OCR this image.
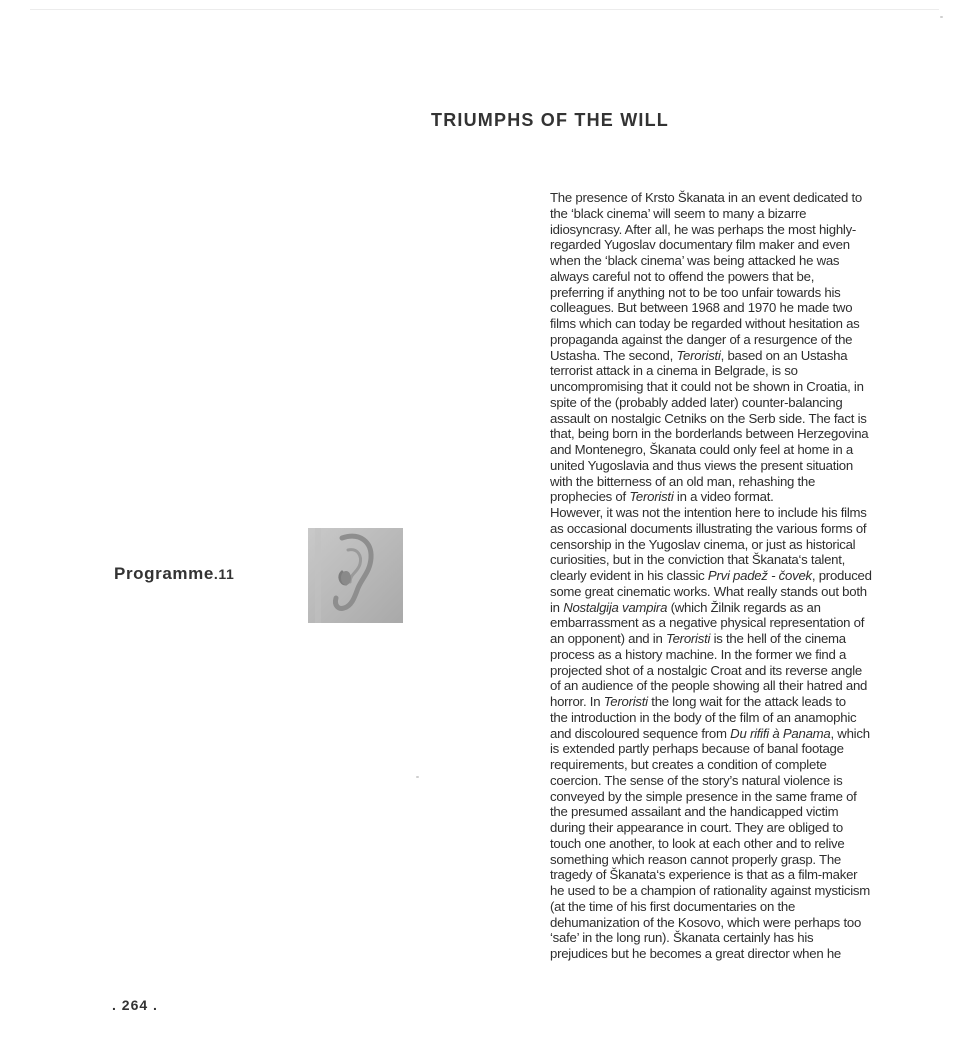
TRIUMPHS OF THE WILL
Programme.11
The presence of Krsto Škanata in an event dedicated to
the ‘black cinema’ will seem to many a bizarre
idiosyncrasy. After all, he was perhaps the most highly-
regarded Yugoslav documentary film maker and even
when the ‘black cinema’ was being attacked he was
always careful not to offend the powers that be,
preferring if anything not to be too unfair towards his
colleagues. But between 1968 and 1970 he made two
films which can today be regarded without hesitation as
propaganda against the danger of a resurgence of the
Ustasha. The second, Teroristi, based on an Ustasha
terrorist attack in a cinema in Belgrade, is so
uncompromising that it could not be shown in Croatia, in
spite of the (probably added later) counter-balancing
assault on nostalgic Cetniks on the Serb side. The fact is
that, being born in the borderlands between Herzegovina
and Montenegro, Škanata could only feel at home in a
united Yugoslavia and thus views the present situation
with the bitterness of an old man, rehashing the
prophecies of Teroristi in a video format.
However, it was not the intention here to include his films
as occasional documents illustrating the various forms of
censorship in the Yugoslav cinema, or just as historical
curiosities, but in the conviction that Škanata‘s talent,
clearly evident in his classic Prvi padež - čovek, produced
some great cinematic works. What really stands out both
in Nostalgija vampira (which Žilnik regards as an
embarrassment as a negative physical representation of
an opponent) and in Teroristi is the hell of the cinema
process as a history machine. In the former we find a
projected shot of a nostalgic Croat and its reverse angle
of an audience of the people showing all their hatred and
horror. In Teroristi the long wait for the attack leads to
the introduction in the body of the film of an anamophic
and discoloured sequence from Du rififi à Panama, which
is extended partly perhaps because of banal footage
requirements, but creates a condition of complete
coercion. The sense of the story’s natural violence is
conveyed by the simple presence in the same frame of
the presumed assailant and the handicapped victim
during their appearance in court. They are obliged to
touch one another, to look at each other and to relive
something which reason cannot properly grasp. The
tragedy of Škanata‘s experience is that as a film-maker
he used to be a champion of rationality against mysticism
(at the time of his first documentaries on the
dehumanization of the Kosovo, which were perhaps too
‘safe’ in the long run). Škanata certainly has his
prejudices but he becomes a great director when he
. 264 .
